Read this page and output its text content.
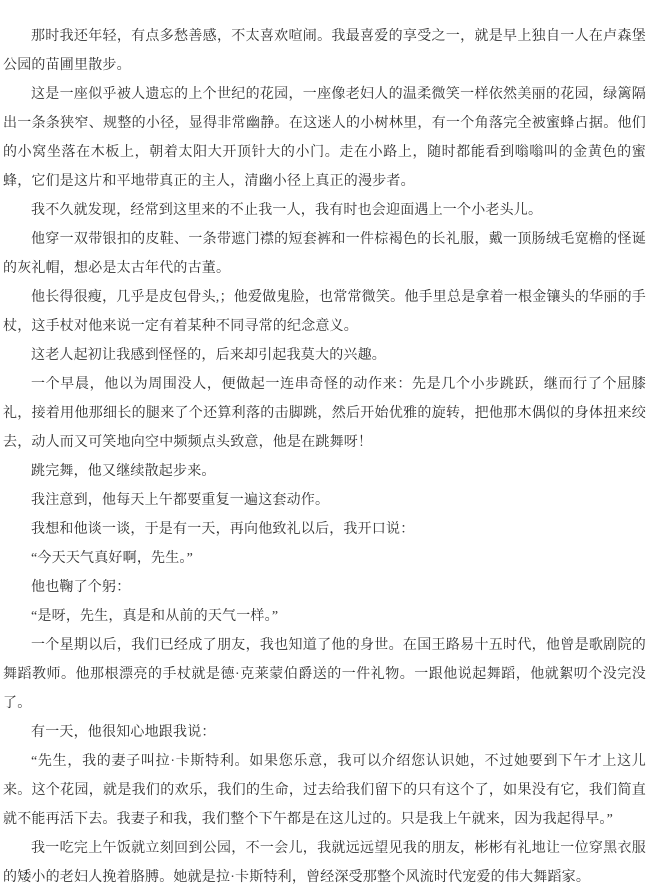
那时我还年轻，有点多愁善感，不太喜欢喧闹。我最喜爱的享受之一，就是早上独自一人在卢森堡公园的苗圃里散步。

这是一座似乎被人遗忘的上个世纪的花园，一座像老妇人的温柔微笑一样依然美丽的花园，绿篱隔出一条条狭窄、规整的小径，显得非常幽静。在这迷人的小树林里，有一个角落完全被蜜蜂占据。他们的小窝坐落在木板上，朝着太阳大开顶针大的小门。走在小路上，随时都能看到嗡嗡叫的金黄色的蜜蜂，它们是这片和平地带真正的主人，清幽小径上真正的漫步者。

我不久就发现，经常到这里来的不止我一人，我有时也会迎面遇上一个小老头儿。

他穿一双带银扣的皮鞋、一条带遮门襟的短套裤和一件棕褐色的长礼服，戴一顶肠绒毛宽檐的怪诞的灰礼帽，想必是太古年代的古董。

他长得很瘦，几乎是皮包骨头,；他爱做鬼脸，也常常微笑。他手里总是拿着一根金镶头的华丽的手杖，这手杖对他来说一定有着某种不同寻常的纪念意义。

这老人起初让我感到怪怪的，后来却引起我莫大的兴趣。

一个早晨，他以为周围没人，便做起一连串奇怪的动作来：先是几个小步跳跃，继而行了个屈膝礼，接着用他那细长的腿来了个还算利落的击脚跳，然后开始优雅的旋转，把他那木偶似的身体扭来绞去，动人而又可笑地向空中频频点头致意，他是在跳舞呀！

跳完舞，他又继续散起步来。

我注意到，他每天上午都要重复一遍这套动作。

我想和他谈一谈，于是有一天，再向他致礼以后，我开口说：

“今天天气真好啊，先生。”

他也鞠了个躬：

“是呀，先生，真是和从前的天气一样。”

一个星期以后，我们已经成了朋友，我也知道了他的身世。在国王路易十五时代，他曾是歌剧院的舞蹈教师。他那根漂亮的手杖就是德·克莱蒙伯爵送的一件礼物。一跟他说起舞蹈，他就絮叨个没完没了。

有一天，他很知心地跟我说：

“先生，我的妻子叫拉·卡斯特利。如果您乐意，我可以介绍您认识她，不过她要到下午才上这儿来。这个花园，就是我们的欢乐，我们的生命，过去给我们留下的只有这个了，如果没有它，我们简直就不能再活下去。我妻子和我，我们整个下午都是在这儿过的。只是我上午就来，因为我起得早。”

我一吃完上午饭就立刻回到公园，不一会儿，我就远远望见我的朋友，彬彬有礼地让一位穿黑衣服的矮小的老妇人挽着胳膊。她就是拉·卡斯特利，曾经深受那整个风流时代宠爱的伟大舞蹈家。
